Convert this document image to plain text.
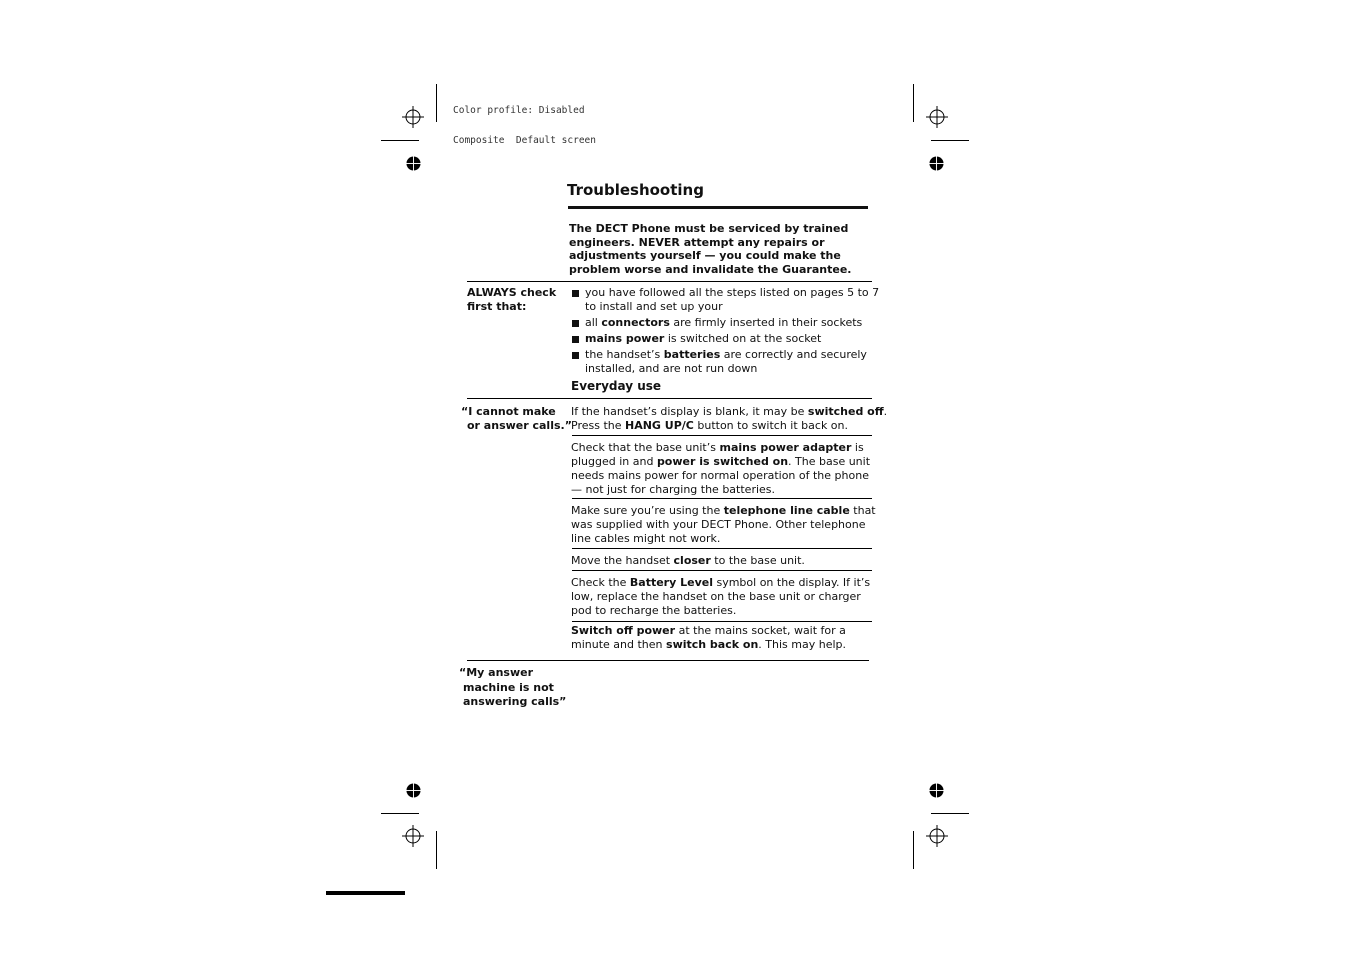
Color profile: Disabled

Composite  Default screen

Troubleshooting
The DECT Phone must be serviced by trained engineers. NEVER attempt any repairs or adjustments yourself — you could make the problem worse and invalidate the Guarantee.
ALWAYS check
first that:
you have followed all the steps listed on pages 5 to 7
to install and set up your
all connectors are firmly inserted in their sockets
mains power is switched on at the socket
the handset’s batteries are correctly and securely
installed, and are not run down
Everyday use
“I cannot make
or answer calls.”
If the handset’s display is blank, it may be switched off.
Press the HANG UP/C button to switch it back on.
Check that the base unit’s mains power adapter is
plugged in and power is switched on. The base unit
needs mains power for normal operation of the phone
— not just for charging the batteries.
Make sure you’re using the telephone line cable that
was supplied with your DECT Phone. Other telephone
line cables might not work.
Move the handset closer to the base unit.
Check the Battery Level symbol on the display. If it’s
low, replace the handset on the base unit or charger
pod to recharge the batteries.
Switch off power at the mains socket, wait for a
minute and then switch back on. This may help.
“My answer
machine is not
answering calls”
